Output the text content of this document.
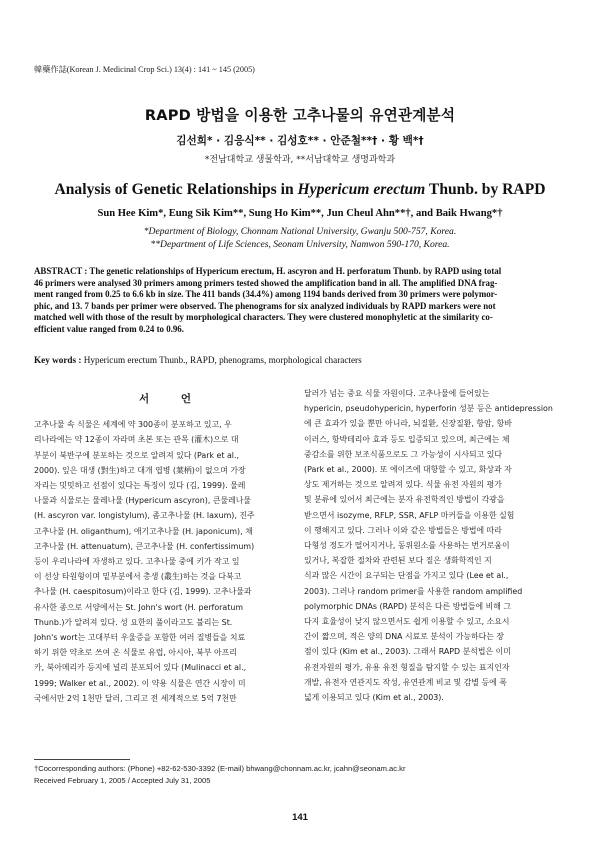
韓藥作誌(Korean J. Medicinal Crop Sci.) 13(4) : 141 ~ 145 (2005)
RAPD 방법을 이용한 고추나물의 유연관계분석
김선희* · 김응식** · 김성호** · 안준철**† · 황 백*†
*전남대학교 생물학과, **서남대학교 생명과학과
Analysis of Genetic Relationships in Hypericum erectum Thunb. by RAPD
Sun Hee Kim*, Eung Sik Kim**, Sung Ho Kim**, Jun Cheul Ahn**†, and Baik Hwang*†
*Department of Biology, Chonnam National University, Gwanju 500-757, Korea.
**Department of Life Sciences, Seonam University, Namwon 590-170, Korea.
ABSTRACT : The genetic relationships of Hypericum erectum, H. ascyron and H. perforatum Thunb. by RAPD using total
46 primers were analysed 30 primers among primers tested showed the amplification band in all. The amplified DNA frag-
ment ranged from 0.25 to 6.6 kb in size. The 411 bands (34.4%) among 1194 bands derived from 30 primers were polymor-
phic, and 13. 7 bands per primer were observed. The phenograms for six analyzed individuals by RAPD markers were not
matched well with those of the result by morphological characters. They were clustered monophyletic at the similarity co-
efficient value ranged from 0.24 to 0.96.
Key words : Hypericum erectum Thunb., RAPD, phenograms, morphological characters
서 언
고추나물 속 식물은 세계에 약 300종이 분포하고 있고, 우
리나라에는 약 12종이 자라며 초본 또는 관목 (灌木)으로 대
부분이 북반구에 분포하는 것으로 알려져 있다 (Park et al.,
2000). 잎은 대생 (對生)하고 대개 엽병 (葉柄)이 없으며 가장
자리는 밋밋하고 선점이 있다는 특징이 있다 (김, 1999). 물레
나물과 식물로는 물레나물 (Hypericum ascyron), 큰물레나물
(H. ascyron var. longistylum), 좀고추나물 (H. laxum), 진주
고추나물 (H. oliganthum), 애기고추나물 (H. japonicum), 채
고추나물 (H. attenuatum), 큰고추나물 (H. confertissimum)
등이 우리나라에 자생하고 있다. 고추나물 중에 키가 작고 잎
이 선상 타원형이며 밑부분에서 총생 (叢生)하는 것을 다북고
추나물 (H. caespitosum)이라고 한다 (김, 1999). 고추나물과
유사한 종으로 서양에서는 St. John's wort (H. perforatum
Thunb.)가 알려져 있다. 성 요한의 풀이라고도 불리는 St.
John's wort는 고대부터 우울증을 포함한 여러 질병들을 치료
하기 위한 약초로 쓰여 온 식물로 유럽, 아시아, 북부 아프리
카, 북아메리카 등지에 널리 분포되어 있다 (Mulinacci et al.,
1999; Walker et al., 2002). 이 약용 식물은 연간 시장이 미
국에서만 2억 1천만 달러, 그리고 전 세계적으로 5억 7천만
달러가 넘는 중요 식물 자원이다. 고추나물에 들어있는
hypericin, pseudohypericin, hyperforin 성분 등은 antidepression
에 큰 효과가 있을 뿐만 아니라, 뇌질환, 신장질환, 항암, 항바
이러스, 항박테리아 효과 등도 입증되고 있으며, 최근에는 체
중감소를 위한 보조식품으로도 그 가능성이 시사되고 있다
(Park et al., 2000). 또 에이즈에 대항할 수 있고, 화상과 자
상도 제거하는 것으로 알려져 있다. 식물 유전 자원의 평가
및 분류에 있어서 최근에는 분자 유전학적인 방법이 각광을
받으면서 isozyme, RFLP, SSR, AFLP 마커들을 이용한 실험
이 행해지고 있다. 그러나 이와 같은 방법들은 방법에 따라
다형성 정도가 떨어지거나, 동위원소를 사용하는 번거로움이
있거나, 복잡한 절차와 관련된 보다 짙은 생화학적인 지
식과 많은 시간이 요구되는 단점을 가지고 있다 (Lee et al.,
2003). 그러나 random primer를 사용한 random amplified
polymorphic DNAs (RAPD) 분석은 다른 방법들에 비해 그
다지 효율성이 낮지 않으면서도 쉽게 이용할 수 있고, 소요시
간이 짧으며, 적은 양의 DNA 시료로 분석이 가능하다는 장
점이 있다 (Kim et al., 2003). 그래서 RAPD 분석법은 이미
유전자원의 평가, 유용 유전 형질을 탐지할 수 있는 표지인자
개발, 유전자 연관지도 작성, 유연관계 비교 및 감별 등에 폭
넓게 이용되고 있다 (Kim et al., 2003).
†Cocorresponding authors: (Phone) +82-62-530-3392 (E-mail) bhwang@chonnam.ac.kr, jcahn@seonam.ac.kr
Received February 1, 2005 / Accepted July 31, 2005
141
